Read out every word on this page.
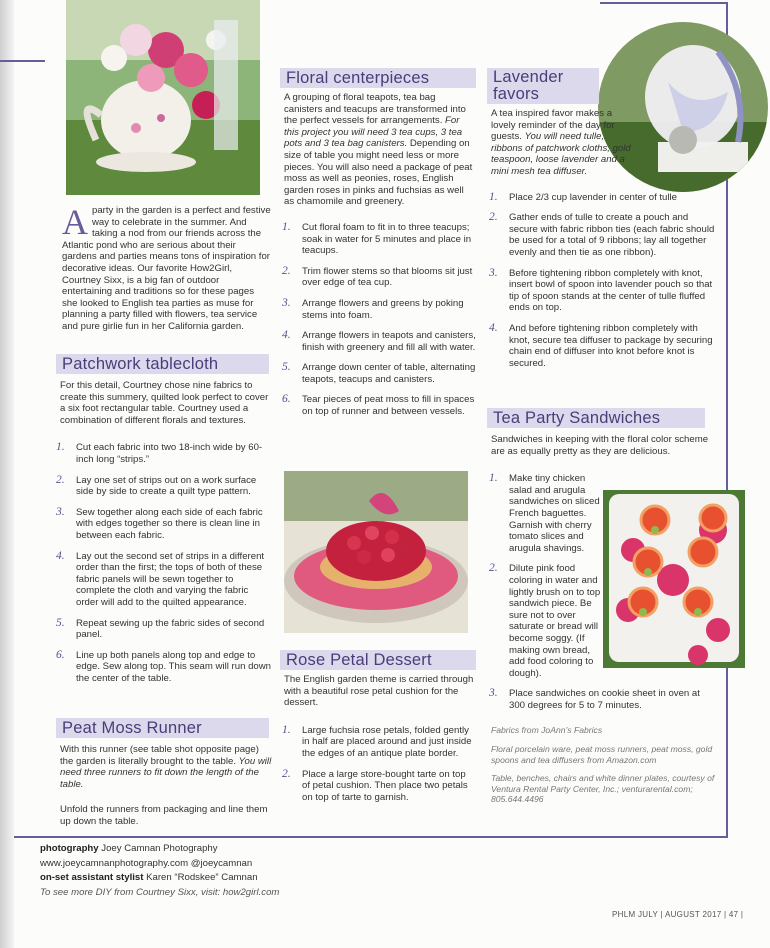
Aparty in the garden is a perfect and festive way to celebrate in the summer. And taking a nod from our friends across the Atlantic pond who are serious about their gardens and parties means tons of inspiration for decorative ideas. Our favorite How2Girl, Courtney Sixx, is a big fan of outdoor entertaining and traditions so for these pages she looked to English tea parties as muse for planning a party filled with flowers, tea service and pure girlie fun in her California garden.
Patchwork tablecloth

For this detail, Courtney chose nine fabrics to create this summery, quilted look perfect to cover a six foot rectangular table. Courtney used a combination of different florals and textures.

1. Cut each fabric into two 18-inch wide by 60-inch long “strips.”
2. Lay one set of strips out on a work surface side by side to create a quilt type pattern.
3. Sew together along each side of each fabric with edges together so there is clean line in between each fabric.
4. Lay out the second set of strips in a different order than the first; the tops of both of these fabric panels will be sewn together to complete the cloth and varying the fabric order will add to the quilted appearance.
5. Repeat sewing up the fabric sides of second panel.
6. Line up both panels along top and edge to edge. Sew along top. This seam will run down the center of the table.
Peat Moss Runner

With this runner (see table shot opposite page) the garden is literally brought to the table. You will need three runners to fit down the length of the table.

Unfold the runners from packaging and line them up down the table.

Floral centerpieces

A grouping of floral teapots, tea bag canisters and teacups are transformed into the perfect vessels for arrangements. For this project you will need 3 tea cups, 3 tea pots and 3 tea bag canisters. Depending on size of table you might need less or more pieces. You will also need a package of peat moss as well as peonies, roses, English garden roses in pinks and fuchsias as well as chamomile and greenery.

1. Cut floral foam to fit in to three teacups; soak in water for 5 minutes and place in teacups.
2. Trim flower stems so that blooms sit just over edge of tea cup.
3. Arrange flowers and greens by poking stems into foam.
4. Arrange flowers in teapots and canisters, finish with greenery and fill all with water.
5. Arrange down center of table, alternating teapots, teacups and canisters.
6. Tear pieces of peat moss to fill in spaces on top of runner and between vessels.
Rose Petal Dessert

The English garden theme is carried through with a beautiful rose petal cushion for the dessert.

1. Large fuchsia rose petals, folded gently in half are placed around and just inside the edges of an antique plate border.
2. Place a large store-bought tarte on top of petal cushion. Then place two petals on top of tarte to garnish.
Lavender
favors

A tea inspired favor makes a lovely reminder of the day for guests. You will need tulle, ribbons of patchwork cloths, gold teaspoon, loose lavender and a mini mesh tea diffuser.

1. Place 2/3 cup lavender in center of tulle
2. Gather ends of tulle to create a pouch and secure with fabric ribbon ties (each fabric should be used for a total of 9 ribbons; lay all together evenly and then tie as one ribbon).
3. Before tightening ribbon completely with knot, insert bowl of spoon into lavender pouch so that tip of spoon stands at the center of tulle fluffed ends on top.
4. And before tightening ribbon completely with knot, secure tea diffuser to package by securing chain end of diffuser into knot before knot is secured.
Tea Party Sandwiches

Sandwiches in keeping with the floral color scheme are as equally pretty as they are delicious.

1. Make tiny chicken salad and arugula sandwiches on sliced French baguettes. Garnish with cherry tomato slices and arugula shavings.
2. Dilute pink food coloring in water and lightly brush on to top sandwich piece. Be sure not to over saturate or bread will become soggy. (If making own bread, add food coloring to dough).
3. Place sandwiches on cookie sheet in oven at 300 degrees for 5 to 7 minutes.

Fabrics from JoAnn’s Fabrics

Floral porcelain ware, peat moss runners, peat moss, gold spoons and tea diffusers from Amazon.com

Table, benches, chairs and white dinner plates, courtesy of Ventura Rental Party Center, Inc.; venturarental.com; 805.644.4496

photography Joey Camnan Photography
www.joeycamnanphotography.com @joeycamnan
on-set assistant stylist Karen “Rodskee” Camnan
To see more DIY from Courtney Sixx, visit: how2girl.com
PHLM JULY | AUGUST 2017 | 47 |
